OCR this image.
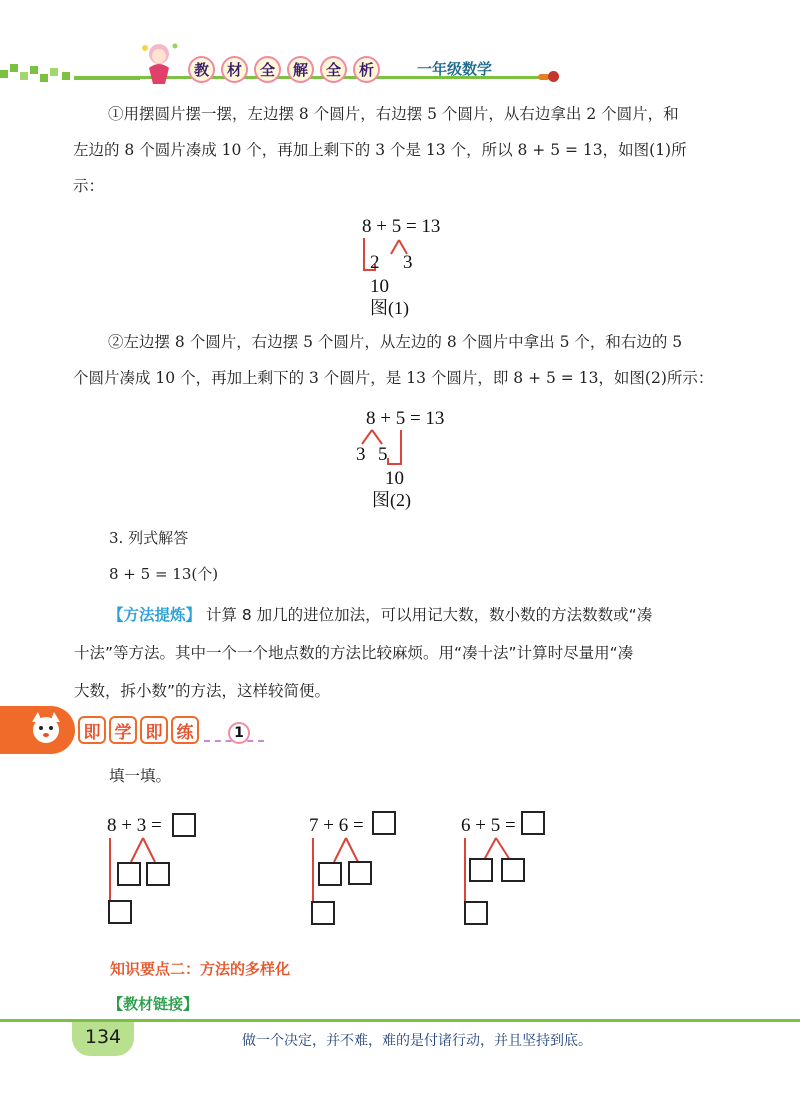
教	材	全	解	全	析	一年级数学
①用摆圆片摆一摆，左边摆 8 个圆片，右边摆 5 个圆片，从右边拿出 2 个圆片，和
左边的 8 个圆片凑成 10 个，再加上剩下的 3 个是 13 个，所以 8 + 5 = 13，如图(1)所
示：
8 + 5 = 13
2 3
10
图(1)
②左边摆 8 个圆片，右边摆 5 个圆片，从左边的 8 个圆片中拿出 5 个，和右边的 5
个圆片凑成 10 个，再加上剩下的 3 个圆片，是 13 个圆片，即 8 + 5 = 13，如图(2)所示：
8 + 5 = 13
3 5
10
图(2)
3. 列式解答
8 + 5 = 13(个)
【方法提炼】 计算 8 加几的进位加法，可以用记大数，数小数的方法数数或“凑
十法”等方法。其中一个一个地点数的方法比较麻烦。用“凑十法”计算时尽量用“凑
大数，拆小数”的方法，这样较简便。
即 学 即 练	1
填一填。
8 + 3 =	7 + 6 =	6 + 5 =
知识要点二：方法的多样化
【教材链接】
134	做一个决定，并不难，难的是付诸行动，并且坚持到底。
